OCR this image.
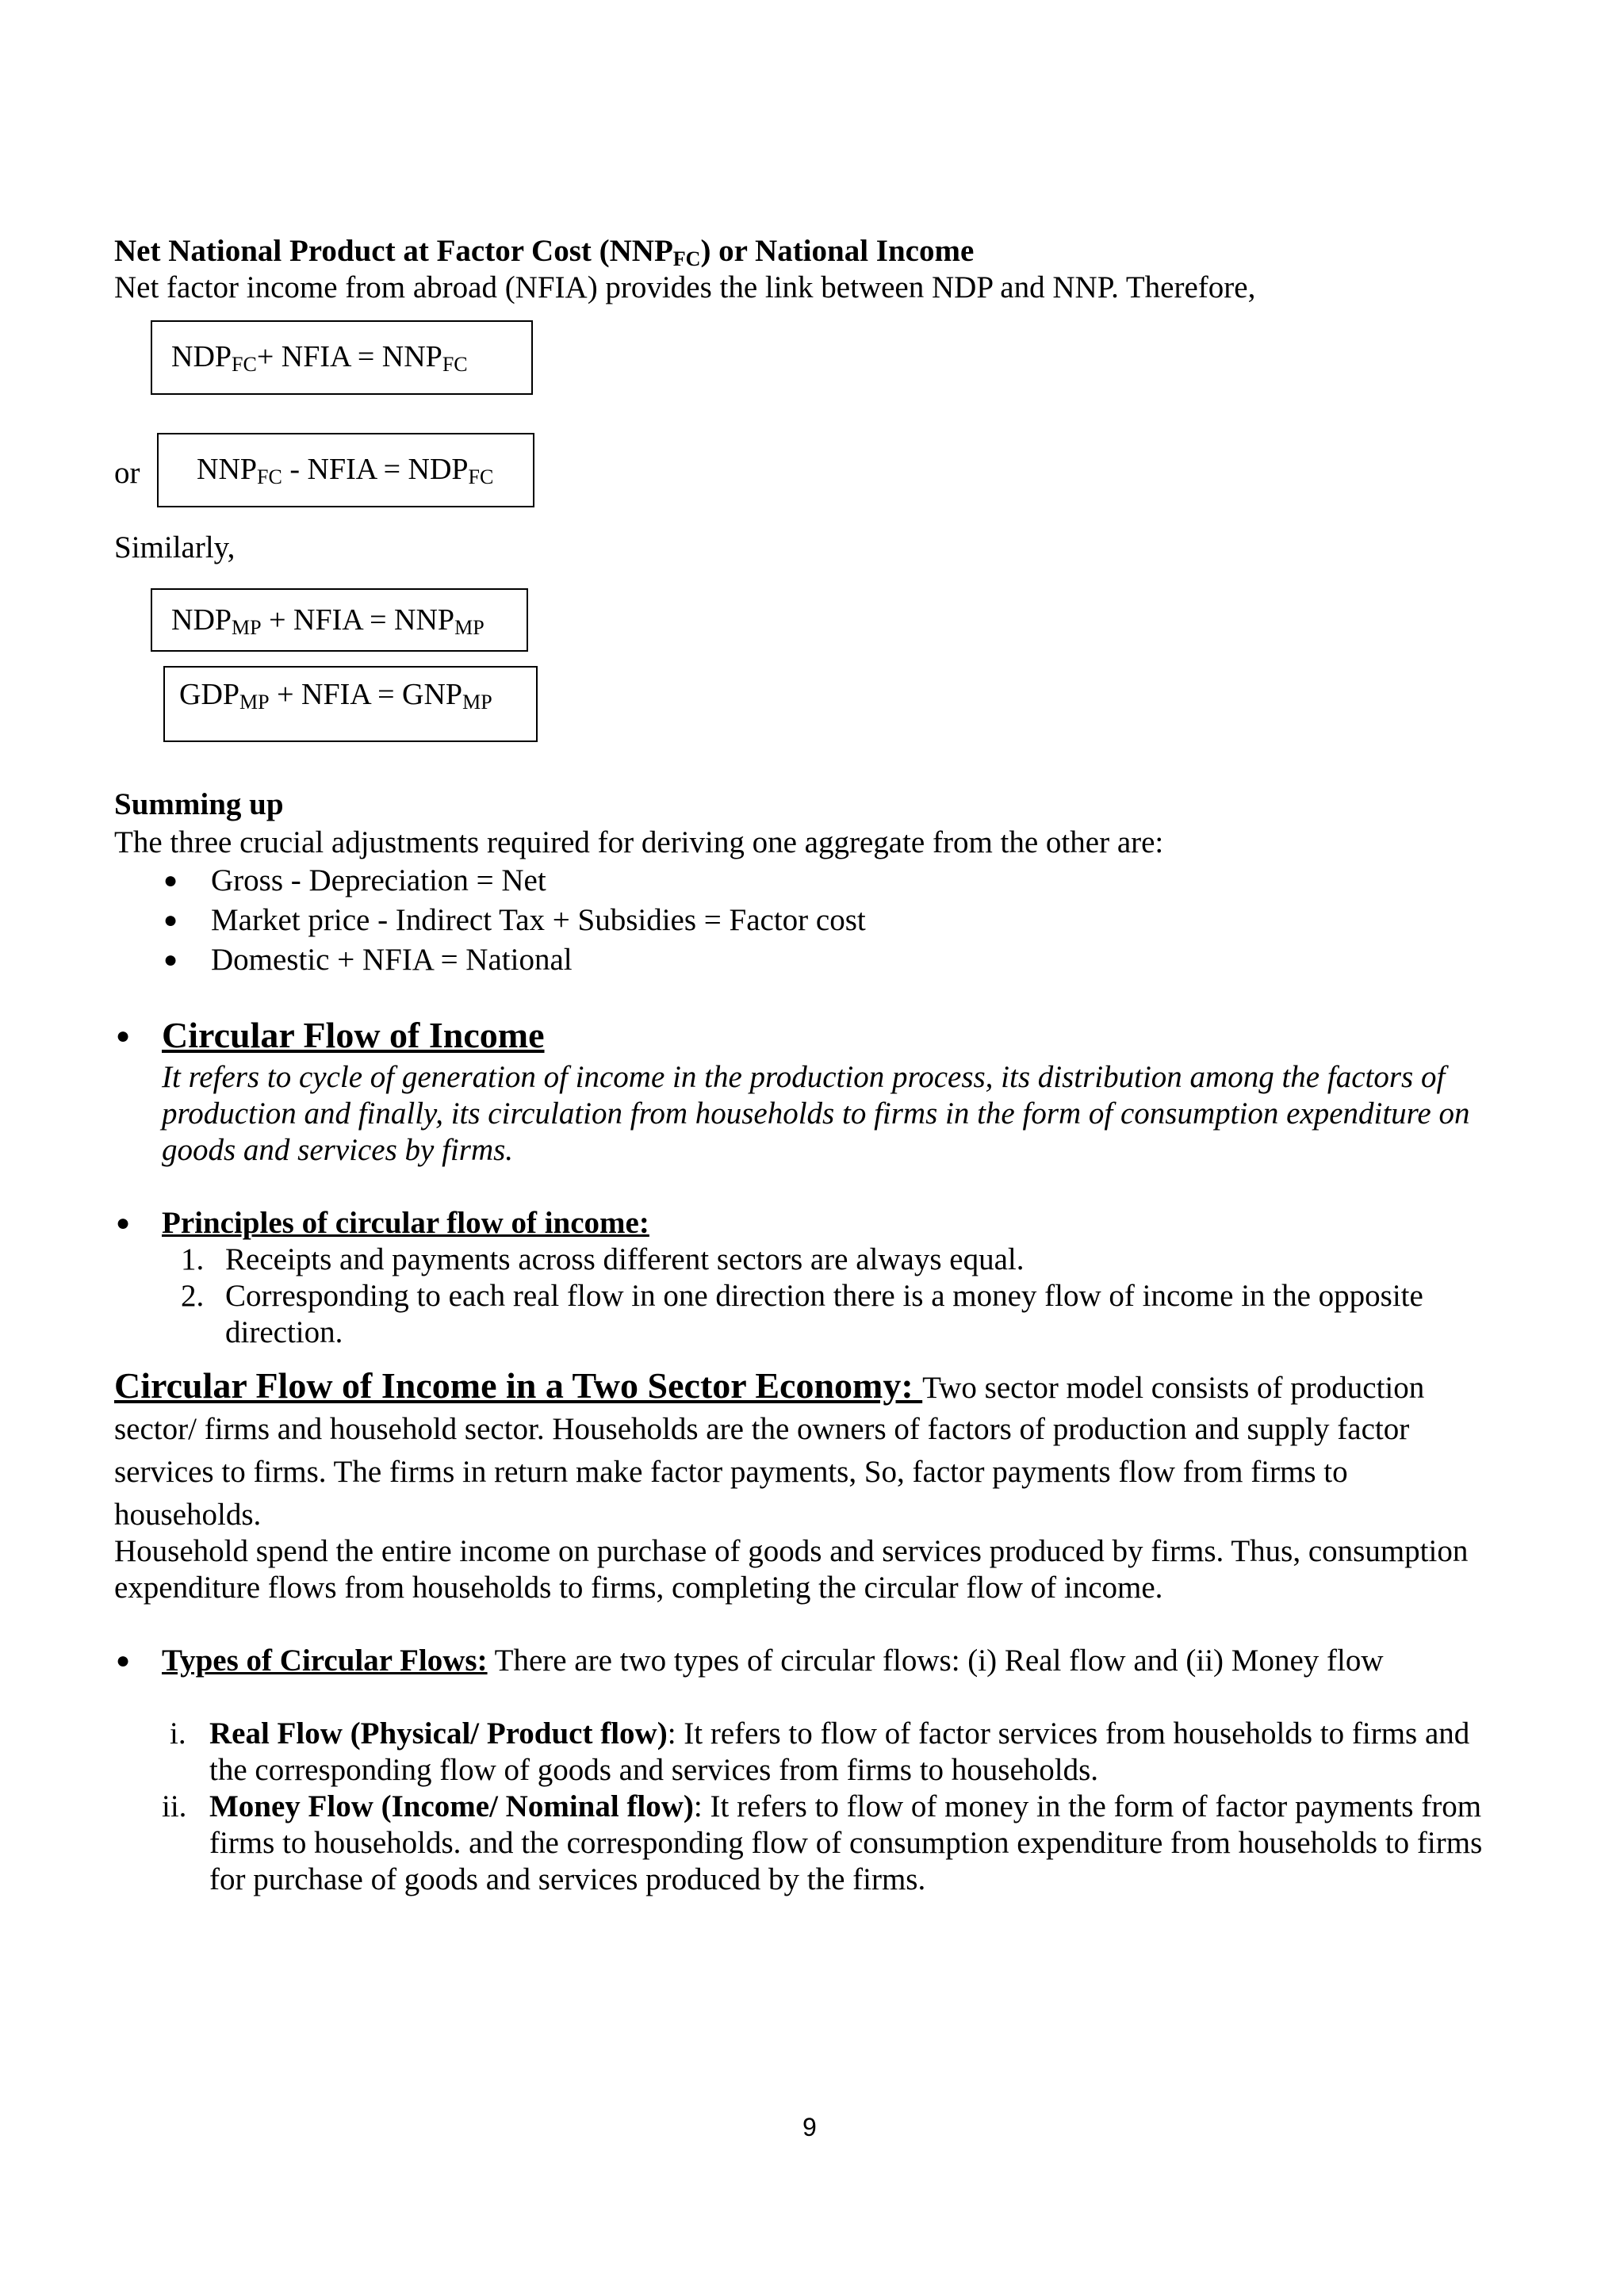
Net National Product at Factor Cost $(NNP_{FC})$ or National Income
Net factor income from abroad (NFIA) provides the link between NDP and NNP. Therefore,
$NDP_{FC}+$ NFIA = $NNP_{FC}$
or $NNP_{FC}$ - NFIA = $NDP_{FC}$
Similarly,
$NDP_{MP}$ + NFIA = $NNP_{MP}$
$GDP_{MP}$ + NFIA = $GNP_{MP}$
Summing up
The three crucial adjustments required for deriving one aggregate from the other are:
● Gross - Depreciation = Net
● Market price - Indirect Tax + Subsidies = Factor cost
● Domestic + NFIA = National
● Circular Flow of Income
It refers to cycle of generation of income in the production process, its distribution among the factors of
production and finally, its circulation from households to firms in the form of consumption expenditure on
goods and services by firms.
● Principles of circular flow of income:
1. Receipts and payments across different sectors are always equal.
2. Corresponding to each real flow in one direction there is a money flow of income in the opposite
direction.
Circular Flow of Income in a Two Sector Economy: Two sector model consists of production
sector/ firms and household sector. Households are the owners of factors of production and supply factor
services to firms. The firms in return make factor payments, So, factor payments flow from firms to
households.
Household spend the entire income on purchase of goods and services produced by firms. Thus, consumption
expenditure flows from households to firms, completing the circular flow of income.
● Types of Circular Flows: There are two types of circular flows: (i) Real flow and (ii) Money flow
i. Real Flow (Physical/ Product flow): It refers to flow of factor services from households to firms and
the corresponding flow of goods and services from firms to households.
ii. Money Flow (Income/ Nominal flow): It refers to flow of money in the form of factor payments from
firms to households. and the corresponding flow of consumption expenditure from households to firms
for purchase of goods and services produced by the firms.
9
